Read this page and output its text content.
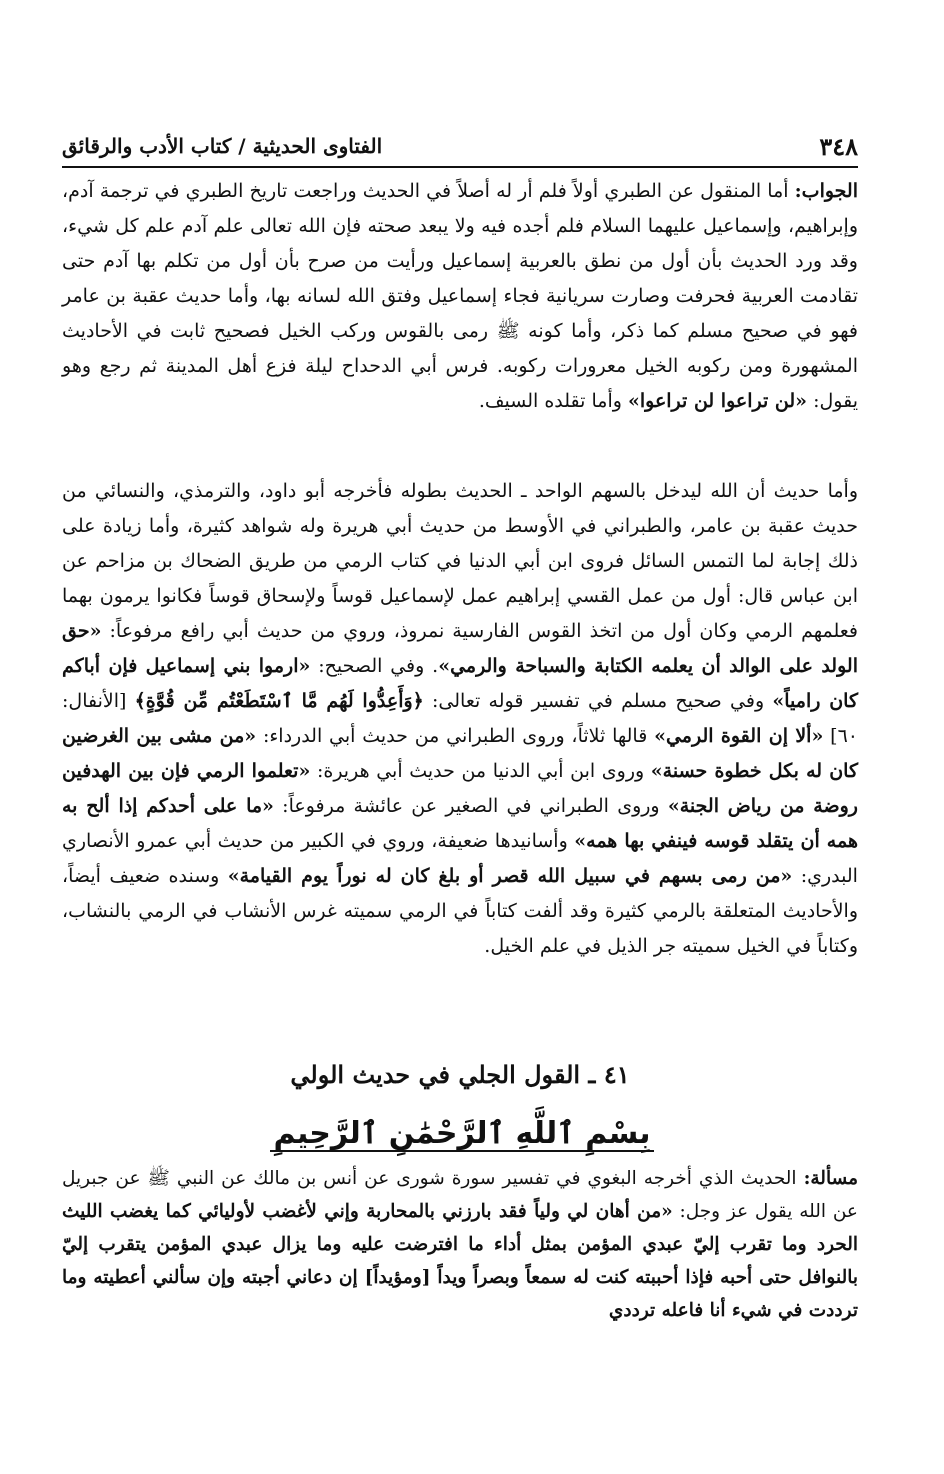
٣٤٨
الفتاوى الحديثية / كتاب الأدب والرقائق

الجواب: أما المنقول عن الطبري أولاً فلم أر له أصلاً في الحديث وراجعت تاريخ الطبري في ترجمة آدم، وإبراهيم، وإسماعيل عليهما السلام فلم أجده فيه ولا يبعد صحته فإن الله تعالى علم آدم علم كل شيء، وقد ورد الحديث بأن أول من نطق بالعربية إسماعيل ورأيت من صرح بأن أول من تكلم بها آدم حتى تقادمت العربية فحرفت وصارت سريانية فجاء إسماعيل وفتق الله لسانه بها، وأما حديث عقبة بن عامر فهو في صحيح مسلم كما ذكر، وأما كونه ﷺ رمى بالقوس وركب الخيل فصحيح ثابت في الأحاديث المشهورة ومن ركوبه الخيل معرورات ركوبه. فرس أبي الدحداح ليلة فزع أهل المدينة ثم رجع وهو يقول: «لن تراعوا لن تراعوا» وأما تقلده السيف.

وأما حديث أن الله ليدخل بالسهم الواحد ـ الحديث بطوله فأخرجه أبو داود، والترمذي، والنسائي من حديث عقبة بن عامر، والطبراني في الأوسط من حديث أبي هريرة وله شواهد كثيرة، وأما زيادة على ذلك إجابة لما التمس السائل فروى ابن أبي الدنيا في كتاب الرمي من طريق الضحاك بن مزاحم عن ابن عباس قال: أول من عمل القسي إبراهيم عمل لإسماعيل قوساً ولإسحاق قوساً فكانوا يرمون بهما فعلمهم الرمي وكان أول من اتخذ القوس الفارسية نمروذ، وروي من حديث أبي رافع مرفوعاً: «حق الولد على الوالد أن يعلمه الكتابة والسباحة والرمي». وفي الصحيح: «ارموا بني إسماعيل فإن أباكم كان رامياً» وفي صحيح مسلم في تفسير قوله تعالى: ﴿وَأَعِدُّوا لَهُم مَّا ٱسْتَطَعْتُم مِّن قُوَّةٍ﴾ [الأنفال: ٦٠] «ألا إن القوة الرمي» قالها ثلاثاً، وروى الطبراني من حديث أبي الدرداء: «من مشى بين الغرضين كان له بكل خطوة حسنة» وروى ابن أبي الدنيا من حديث أبي هريرة: «تعلموا الرمي فإن بين الهدفين روضة من رياض الجنة» وروى الطبراني في الصغير عن عائشة مرفوعاً: «ما على أحدكم إذا ألح به همه أن يتقلد قوسه فينفي بها همه» وأسانيدها ضعيفة، وروي في الكبير من حديث أبي عمرو الأنصاري البدري: «من رمى بسهم في سبيل الله قصر أو بلغ كان له نوراً يوم القيامة» وسنده ضعيف أيضاً، والأحاديث المتعلقة بالرمي كثيرة وقد ألفت كتاباً في الرمي سميته غرس الأنشاب في الرمي بالنشاب، وكتاباً في الخيل سميته جر الذيل في علم الخيل.

٤١ ـ القول الجلي في حديث الولي
بِسْمِ ٱللَّهِ ٱلرَّحْمَٰنِ ٱلرَّحِيمِ

مسألة: الحديث الذي أخرجه البغوي في تفسير سورة شورى عن أنس بن مالك عن النبي ﷺ عن جبريل عن الله يقول عز وجل: «من أهان لي ولياً فقد بارزني بالمحاربة وإني لأغضب لأوليائي كما يغضب الليث الحرد وما تقرب إليّ عبدي المؤمن بمثل أداء ما افترضت عليه وما يزال عبدي المؤمن يتقرب إليّ بالنوافل حتى أحبه فإذا أحببته كنت له سمعاً وبصراً ويداً [ومؤيداً] إن دعاني أجبته وإن سألني أعطيته وما ترددت في شيء أنا فاعله ترددي
